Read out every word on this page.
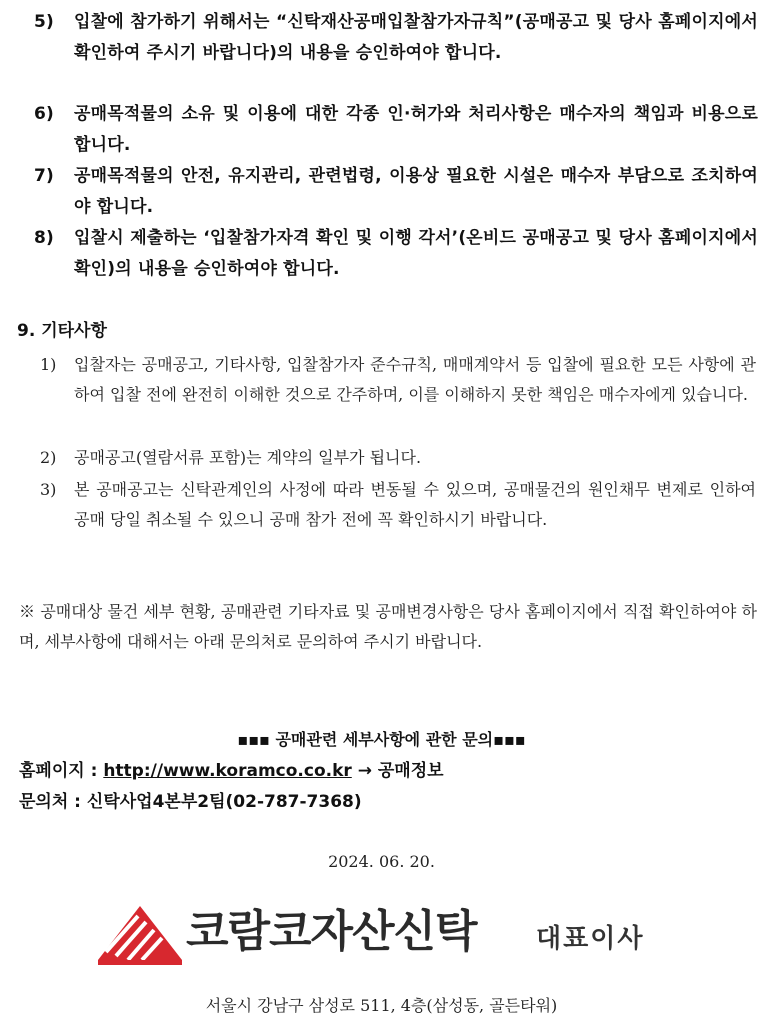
5)	입찰에 참가하기 위해서는 “신탁재산공매입찰참가자규칙”(공매공고 및 당사 홈페이지에서 확인하여 주시기 바랍니다)의 내용을 승인하여야 합니다.
6)	공매목적물의 소유 및 이용에 대한 각종 인·허가와 처리사항은 매수자의 책임과 비용으로 합니다.
7)	공매목적물의 안전, 유지관리, 관련법령, 이용상 필요한 시설은 매수자 부담으로 조치하여야 합니다.
8)	입찰시 제출하는 ‘입찰참가자격 확인 및 이행 각서’(온비드 공매공고 및 당사 홈페이지에서 확인)의 내용을 승인하여야 합니다.
9. 기타사항
1)	입찰자는 공매공고, 기타사항, 입찰참가자 준수규칙, 매매계약서 등 입찰에 필요한 모든 사항에 관하여 입찰 전에 완전히 이해한 것으로 간주하며, 이를 이해하지 못한 책임은 매수자에게 있습니다.
2)	공매공고(열람서류 포함)는 계약의 일부가 됩니다.
3)	본 공매공고는 신탁관계인의 사정에 따라 변동될 수 있으며, 공매물건의 원인채무 변제로 인하여 공매 당일 취소될 수 있으니 공매 참가 전에 꼭 확인하시기 바랍니다.
※ 공매대상 물건 세부 현황, 공매관련 기타자료 및 공매변경사항은 당사 홈페이지에서 직접 확인하여야 하며, 세부사항에 대해서는 아래 문의처로 문의하여 주시기 바랍니다.
▪▪▪ 공매관련 세부사항에 관한 문의▪▪▪
홈페이지 : http://www.koramco.co.kr → 공매정보
문의처 : 신탁사업4본부2팀(02-787-7368)
2024. 06. 20.
코람코자산신탁 대표이사
서울시 강남구 삼성로 511, 4층(삼성동, 골든타워)
